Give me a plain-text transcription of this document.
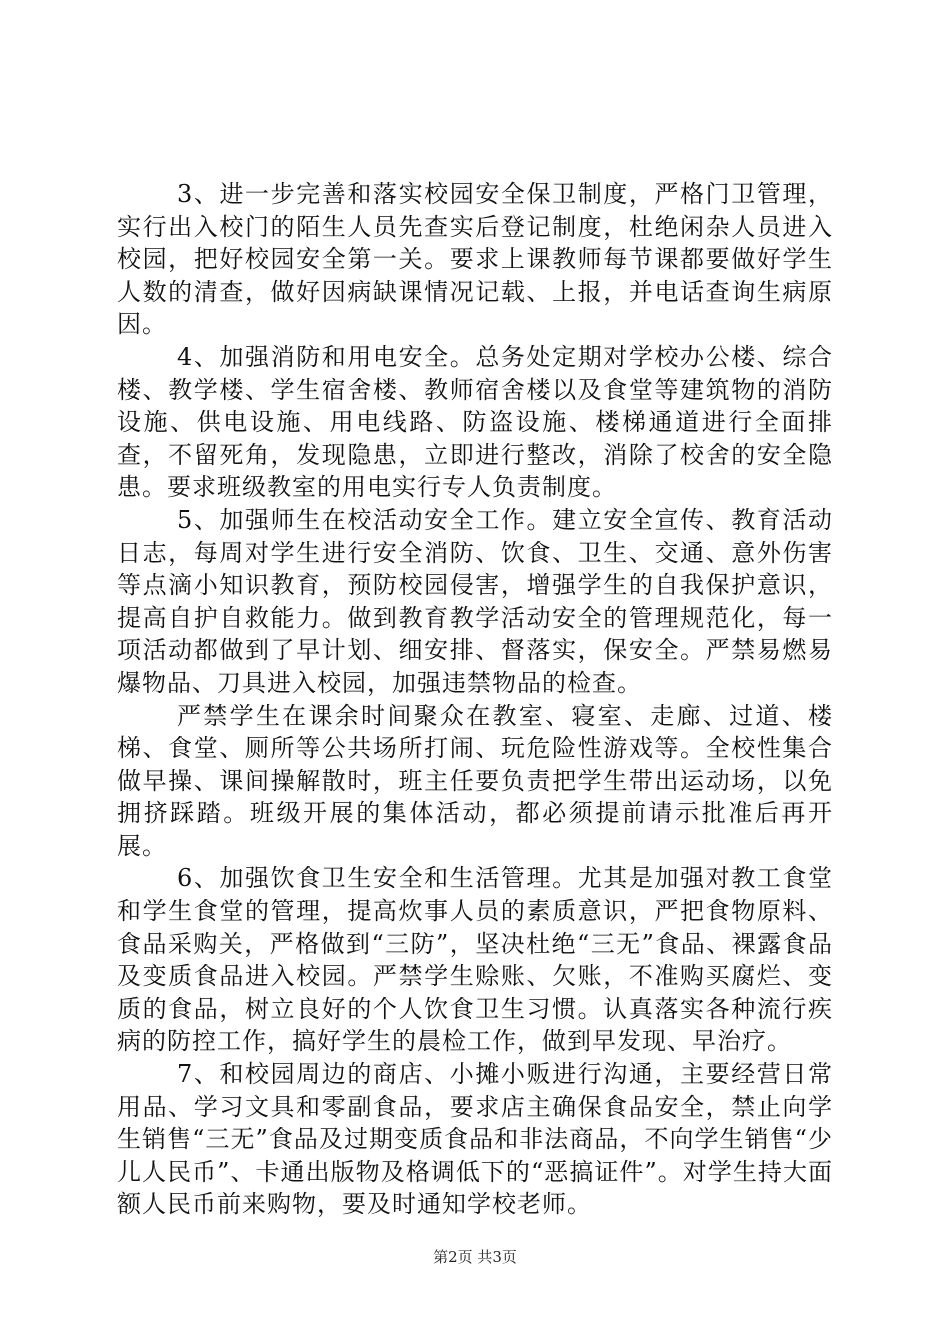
3、进一步完善和落实校园安全保卫制度，严格门卫管理，实行出入校门的陌生人员先查实后登记制度，杜绝闲杂人员进入校园，把好校园安全第一关。要求上课教师每节课都要做好学生人数的清查，做好因病缺课情况记载、上报，并电话查询生病原因。

4、加强消防和用电安全。总务处定期对学校办公楼、综合楼、教学楼、学生宿舍楼、教师宿舍楼以及食堂等建筑物的消防设施、供电设施、用电线路、防盗设施、楼梯通道进行全面排查，不留死角，发现隐患，立即进行整改，消除了校舍的安全隐患。要求班级教室的用电实行专人负责制度。

5、加强师生在校活动安全工作。建立安全宣传、教育活动日志，每周对学生进行安全消防、饮食、卫生、交通、意外伤害等点滴小知识教育，预防校园侵害，增强学生的自我保护意识，提高自护自救能力。做到教育教学活动安全的管理规范化，每一项活动都做到了早计划、细安排、督落实，保安全。严禁易燃易爆物品、刀具进入校园，加强违禁物品的检查。

严禁学生在课余时间聚众在教室、寝室、走廊、过道、楼梯、食堂、厕所等公共场所打闹、玩危险性游戏等。全校性集合做早操、课间操解散时，班主任要负责把学生带出运动场，以免拥挤踩踏。班级开展的集体活动，都必须提前请示批准后再开展。

6、加强饮食卫生安全和生活管理。尤其是加强对教工食堂和学生食堂的管理，提高炊事人员的素质意识，严把食物原料、食品采购关，严格做到“三防”，坚决杜绝“三无”食品、裸露食品及变质食品进入校园。严禁学生赊账、欠账，不准购买腐烂、变质的食品，树立良好的个人饮食卫生习惯。认真落实各种流行疾病的防控工作，搞好学生的晨检工作，做到早发现、早治疗。

7、和校园周边的商店、小摊小贩进行沟通，主要经营日常用品、学习文具和零副食品，要求店主确保食品安全，禁止向学生销售“三无”食品及过期变质食品和非法商品，不向学生销售“少儿人民币”、卡通出版物及格调低下的“恶搞证件”。对学生持大面额人民币前来购物，要及时通知学校老师。

第2页 共3页
